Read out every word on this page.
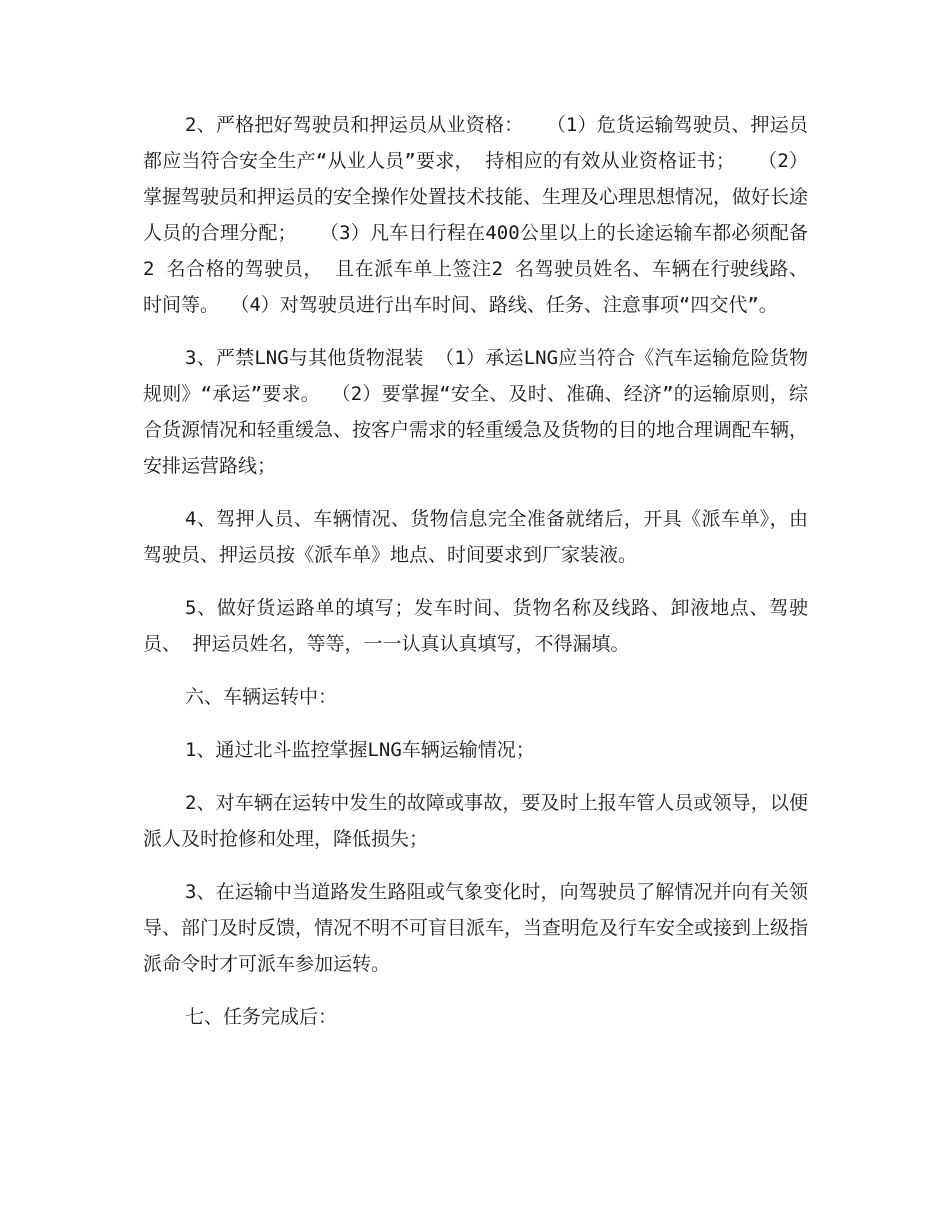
2、严格把好驾驶员和押运员从业资格：  （1）危货运输驾驶员、押运员都应当符合安全生产“从业人员”要求， 持相应的有效从业资格证书；  （2）掌握驾驶员和押运员的安全操作处置技术技能、生理及心理思想情况，做好长途人员的合理分配；  （3）凡车日行程在400公里以上的长途运输车都必须配备2 名合格的驾驶员， 且在派车单上签注2 名驾驶员姓名、车辆在行驶线路、时间等。 （4）对驾驶员进行出车时间、路线、任务、注意事项“四交代”。

3、严禁LNG与其他货物混装 （1）承运LNG应当符合《汽车运输危险货物规则》“承运”要求。 （2）要掌握“安全、及时、准确、经济”的运输原则，综合货源情况和轻重缓急、按客户需求的轻重缓急及货物的目的地合理调配车辆，安排运营路线；

4、驾押人员、车辆情况、货物信息完全准备就绪后，开具《派车单》，由驾驶员、押运员按《派车单》地点、时间要求到厂家装液。

5、做好货运路单的填写；发车时间、货物名称及线路、卸液地点、驾驶员、 押运员姓名，等等，一一认真认真填写，不得漏填。

六、车辆运转中：

1、通过北斗监控掌握LNG车辆运输情况；

2、对车辆在运转中发生的故障或事故，要及时上报车管人员或领导，以便派人及时抢修和处理，降低损失；

3、在运输中当道路发生路阻或气象变化时，向驾驶员了解情况并向有关领导、部门及时反馈，情况不明不可盲目派车，当查明危及行车安全或接到上级指派命令时才可派车参加运转。

七、任务完成后：
